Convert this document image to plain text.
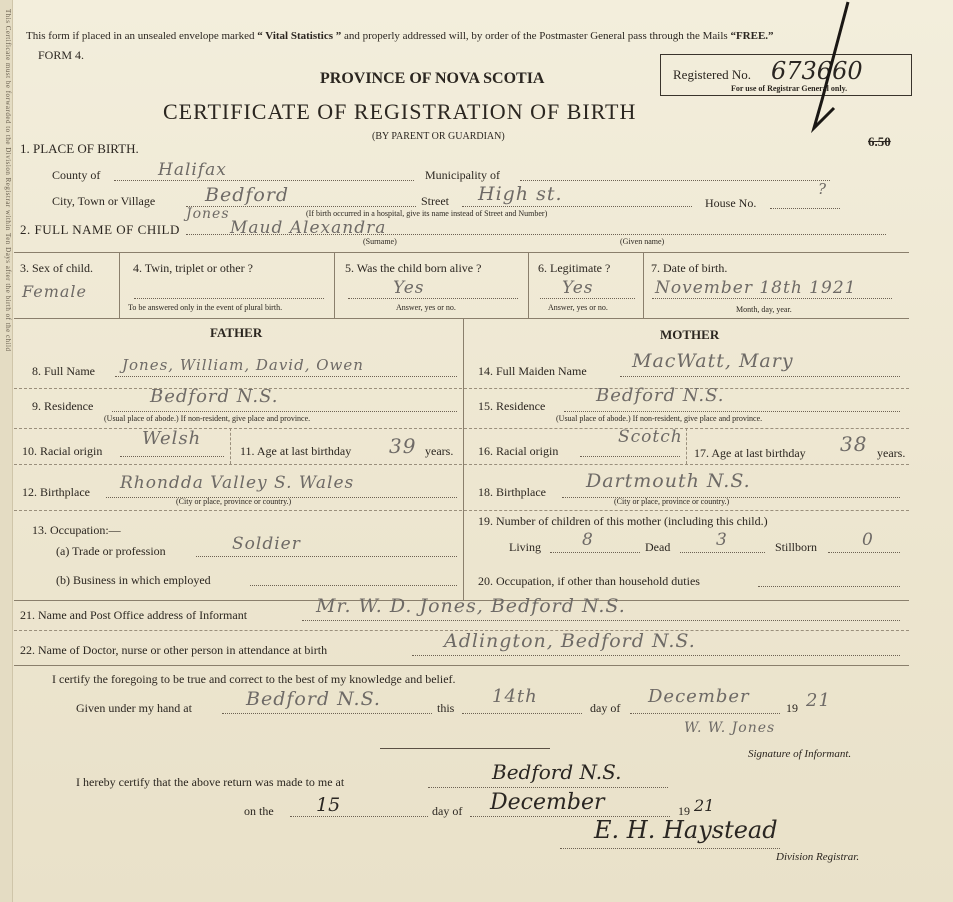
This Certificate must be forwarded to the Division Registrar within Ten Days after the birth of the child This form if placed in an unsealed envelope marked “ Vital Statistics ” and properly addressed will, by order of the Postmaster General pass through the Mails “FREE.”
FORM 4.
PROVINCE OF NOVA SCOTIA
CERTIFICATE OF REGISTRATION OF BIRTH
(BY PARENT OR GUARDIAN)
Registered No. 673660
For use of Registrar General only.
6.50
1. PLACE OF BIRTH.
County of	Halifax	Municipality of
City, Town or Village	Bedford	Street High st.
(If birth occurred in a hospital, give its name instead of Street and Number)
House No.
?
2. FULL NAME OF CHILD
Jones
Maud Alexandra
(Surname)	(Given name)
3. Sex of child.
Female
4. Twin, triplet or other ?
To be answered only in the event of plural birth.
5. Was the child born alive ?
Yes
Answer, yes or no.
6. Legitimate ?
Yes
Answer, yes or no.
7. Date of birth.
November 18th 1921
Month, day, year.
FATHER	MOTHER
8. Full Name Jones, William, David, Owen
9. Residence	Bedford N.S.
(Usual place of abode.) If non-resident, give place and province.
10. Racial origin
Welsh
11. Age at last birthday 39 years.
12. Birthplace Rhondda Valley S. Wales
(City or place, province or country.)
13. Occupation:—
(a) Trade or profession	Soldier
(b) Business in which employed
14. Full Maiden Name MacWatt, Mary
15. Residence	Bedford N.S.
(Usual place of abode.) If non-resident, give place and province.
16. Racial origin
Scotch
17. Age at last birthday 38 years.
18. Birthplace Dartmouth N.S.
(City or place, province or country.)
19. Number of children of this mother (including this child.)
Living 8	Dead	3	Stillborn	0
20. Occupation, if other than household duties
21. Name and Post Office address of Informant	Mr. W. D. Jones, Bedford N.S.
22. Name of Doctor, nurse or other person in attendance at birth	Adlington, Bedford N.S.
I certify the foregoing to be true and correct to the best of my knowledge and belief.
Given under my hand at	Bedford N.S.	this
14th
day of
December
19 21
W. W. Jones
Signature of Informant.
I hereby certify that the above return was made to me at	Bedford N.S.
on the 15	day of December	19 21
E. H. Haystead
Division Registrar.
